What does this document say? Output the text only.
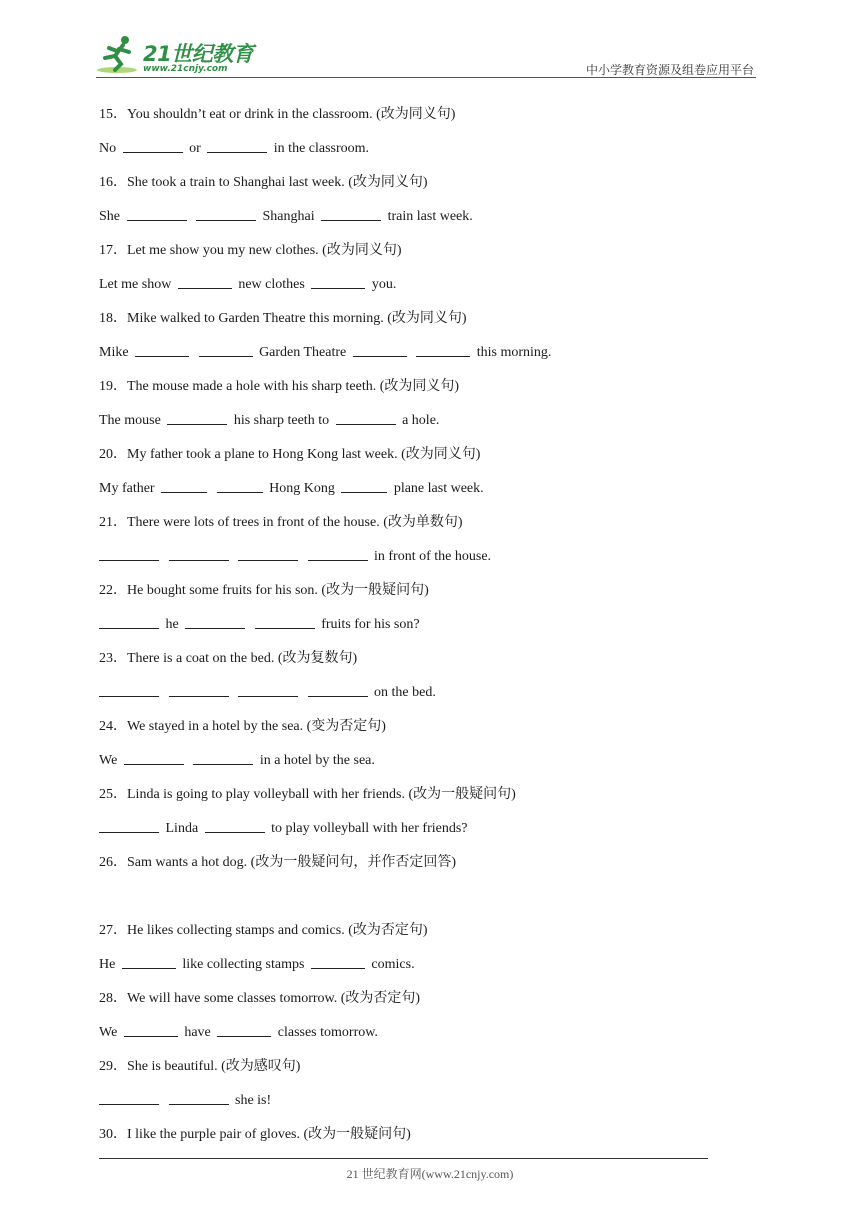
21世纪教育
www.21cnjy.com	中小学教育资源及组卷应用平台
15．You shouldn’t eat or drink in the classroom. (改为同义句)
No	or	in the classroom.
16．She took a train to Shanghai last week. (改为同义句)
She	Shanghai	train last week.
17．Let me show you my new clothes. (改为同义句)
Let me show	new clothes	you.
18．Mike walked to Garden Theatre this morning. (改为同义句)
Mike	Garden Theatre	this morning.
19．The mouse made a hole with his sharp teeth. (改为同义句)
The mouse	his sharp teeth to	a hole.
20．My father took a plane to Hong Kong last week. (改为同义句)
My father	Hong Kong	plane last week.
21．There were lots of trees in front of the house. (改为单数句)
in front of the house.
22．He bought some fruits for his son. (改为一般疑问句)
he	fruits for his son?
23．There is a coat on the bed. (改为复数句)
on the bed.
24．We stayed in a hotel by the sea. (变为否定句)
We	in a hotel by the sea.
25．Linda is going to play volleyball with her friends. (改为一般疑问句)
Linda	to play volleyball with her friends?
26．Sam wants a hot dog. (改为一般疑问句，并作否定回答)
27．He likes collecting stamps and comics. (改为否定句)
He	like collecting stamps	comics.
28．We will have some classes tomorrow. (改为否定句)
We	have	classes tomorrow.
29．She is beautiful. (改为感叹句)
she is!
30．I like the purple pair of gloves. (改为一般疑问句)
21 世纪教育网(www.21cnjy.com)
